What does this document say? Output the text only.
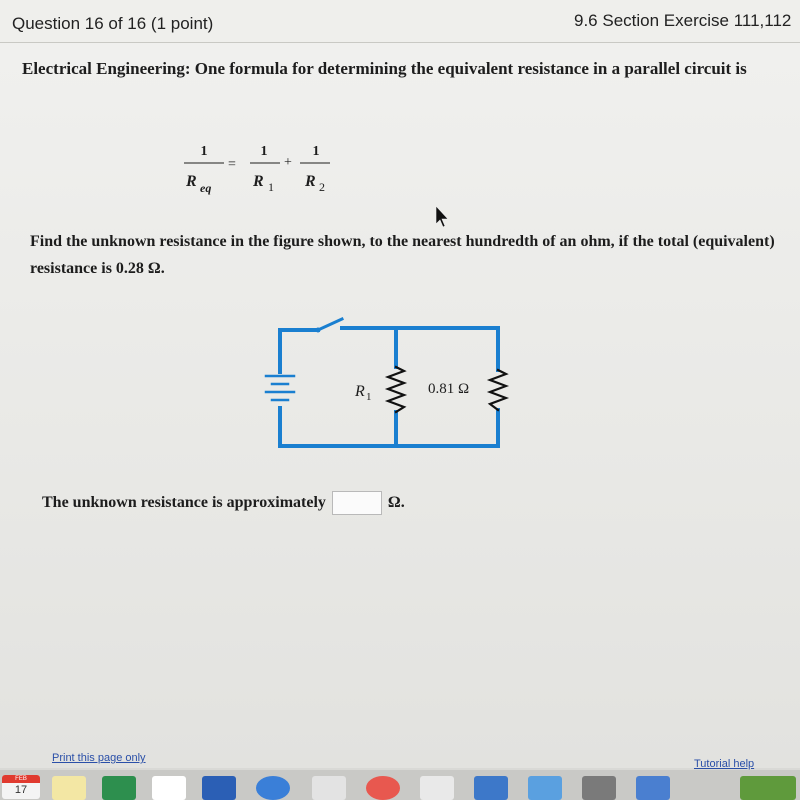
Question 16 of 16 (1 point)	9.6 Section Exercise 111,112
Electrical Engineering: One formula for determining the equivalent resistance in a parallel circuit is
1
R eq
=
1
R 1
+
1
R 2
R 1	0.81 Ω
Find the unknown resistance in the figure shown, to the nearest hundredth of an ohm, if the total (equivalent) resistance is 0.28 Ω.
The unknown resistance is approximately	Ω.
Print this page only	Tutorial help
FEB
17
